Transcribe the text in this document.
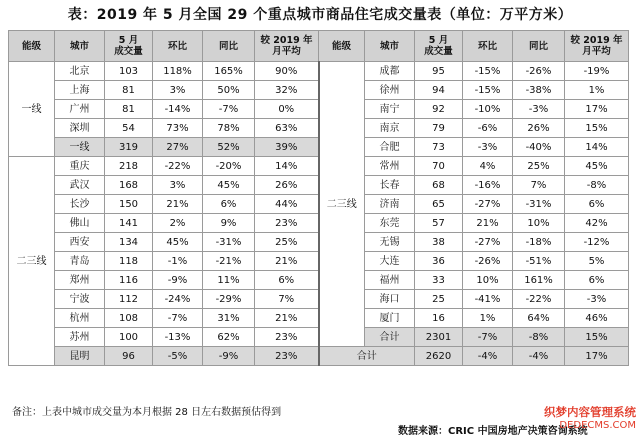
表：2019 年 5 月全国 29 个重点城市商品住宅成交量表（单位：万平方米）
能级	城市	5 月
成交量	环比	同比	较 2019 年
月平均	能级	城市	5 月
成交量	环比	同比	较 2019 年
月平均

一线	北京	103	118%	165%	90%	二三线	成都	95	-15%	-26%	-19%
	上海	81	3%	50%	32%		徐州	94	-15%	-38%	1%
	广州	81	-14%	-7%	0%		南宁	92	-10%	-3%	17%
	深圳	54	73%	78%	63%		南京	79	-6%	26%	15%
	一线	319	27%	52%	39%		合肥	73	-3%	-40%	14%
二三线	重庆	218	-22%	-20%	14%		常州	70	4%	25%	45%
	武汉	168	3%	45%	26%		长春	68	-16%	7%	-8%
	长沙	150	21%	6%	44%		济南	65	-27%	-31%	6%
	佛山	141	2%	9%	23%		东莞	57	21%	10%	42%
	西安	134	45%	-31%	25%		无锡	38	-27%	-18%	-12%
	青岛	118	-1%	-21%	21%		大连	36	-26%	-51%	5%
	郑州	116	-9%	11%	6%		福州	33	10%	161%	6%
	宁波	112	-24%	-29%	7%		海口	25	-41%	-22%	-3%
	杭州	108	-7%	31%	21%		厦门	16	1%	64%	46%
	苏州	100	-13%	62%	23%		合计	2301	-7%	-8%	15%
	昆明	96	-5%	-9%	23%	合计		2620	-4%	-4%	17%
备注：上表中城市成交量为本月根据 28 日左右数据预估得到
数据来源：CRIC 中国房地产决策咨询系统
织梦内容管理系统
DEDECMS.COM
